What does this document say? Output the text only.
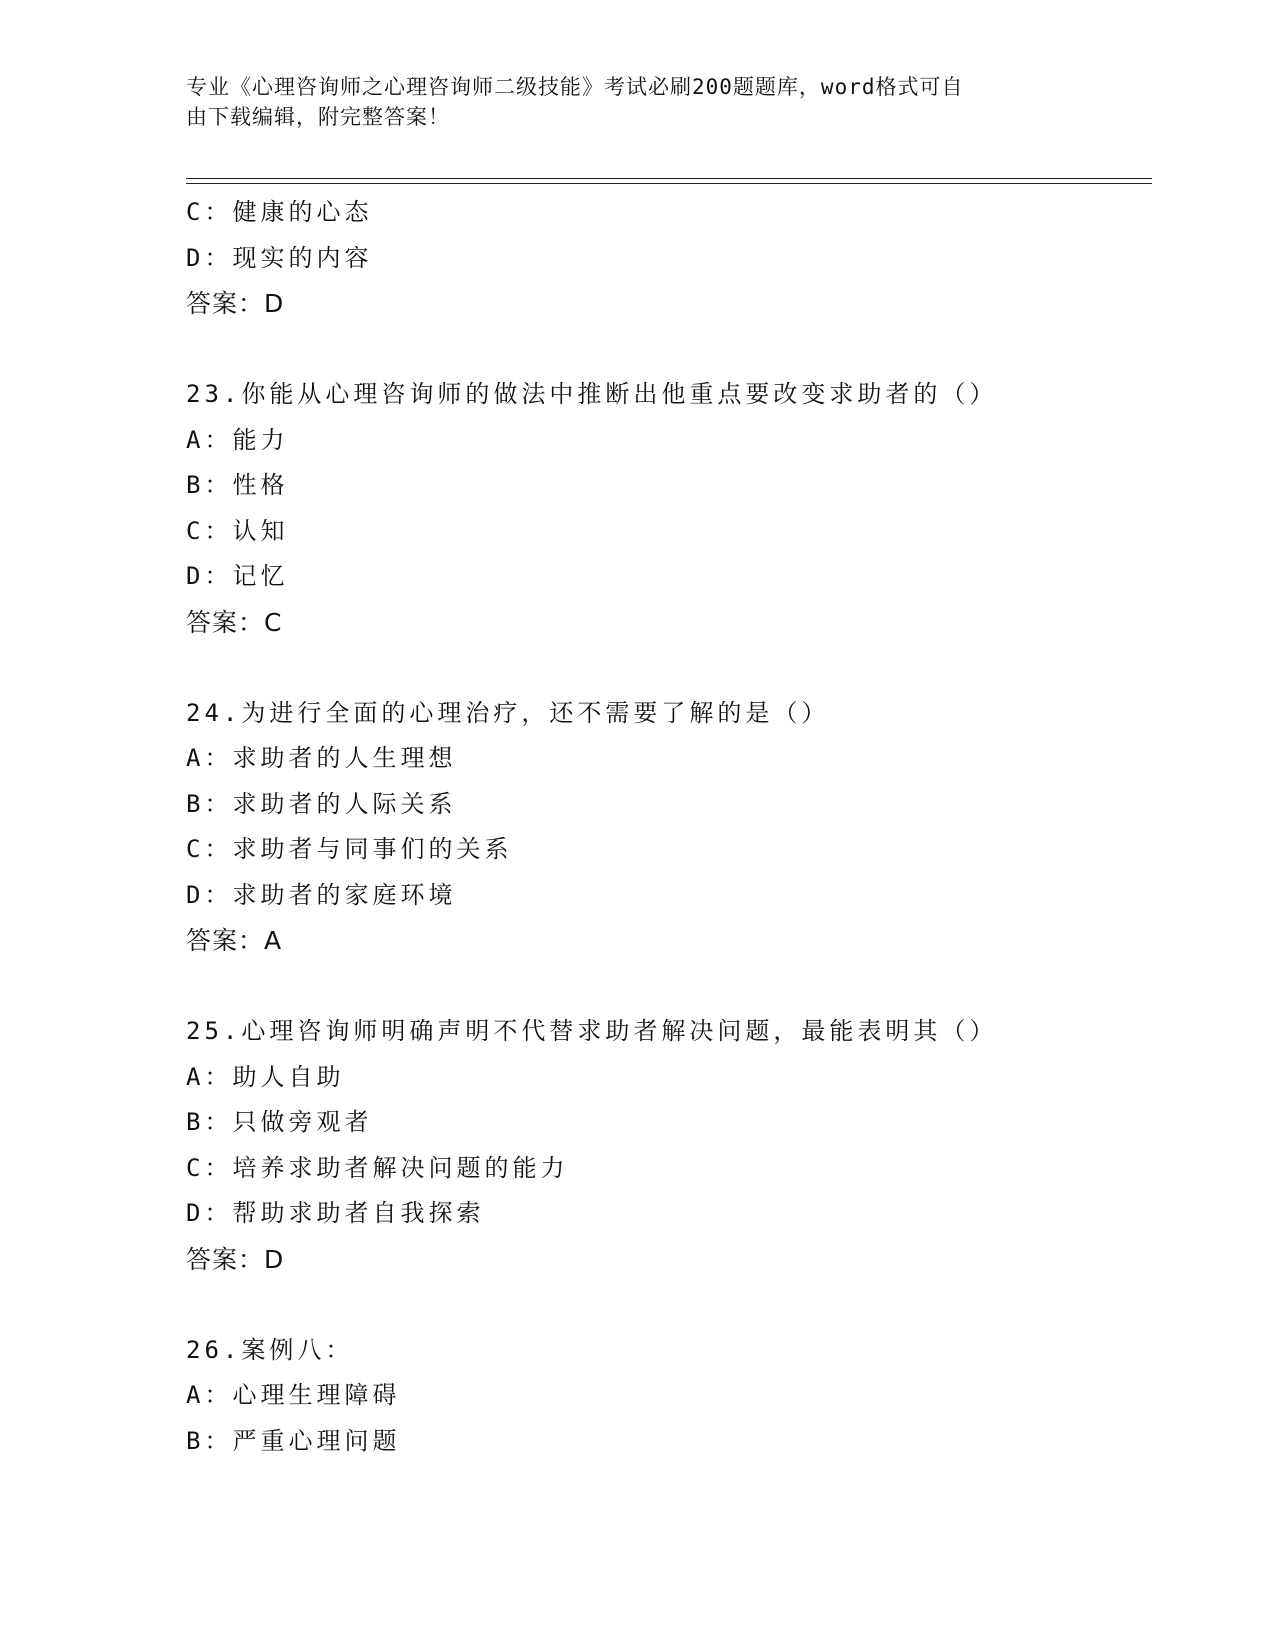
专业《心理咨询师之心理咨询师二级技能》考试必刷200题题库，word格式可自
由下载编辑，附完整答案！
C：健康的心态
D：现实的内容
答案：D
23.你能从心理咨询师的做法中推断出他重点要改变求助者的（）
A：能力
B：性格
C：认知
D：记忆
答案：C
24.为进行全面的心理治疗，还不需要了解的是（）
A：求助者的人生理想
B：求助者的人际关系
C：求助者与同事们的关系
D：求助者的家庭环境
答案：A
25.心理咨询师明确声明不代替求助者解决问题，最能表明其（）
A：助人自助
B：只做旁观者
C：培养求助者解决问题的能力
D：帮助求助者自我探索
答案：D
26.案例八：
A：心理生理障碍
B：严重心理问题
